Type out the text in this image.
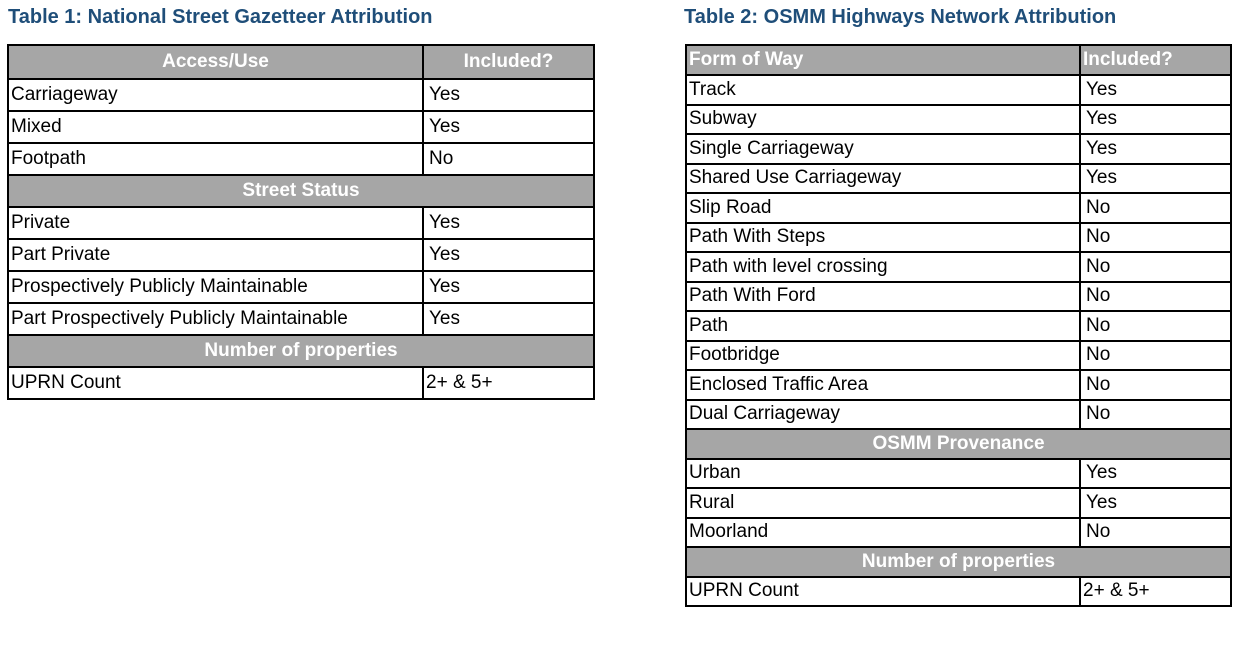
Table 1: National Street Gazetteer Attribution
Access/Use	Included?
Carriageway	Yes
Mixed	Yes
Footpath	No
Street Status	
Private	Yes
Part Private	Yes
Prospectively Publicly Maintainable	Yes
Part Prospectively Publicly Maintainable	Yes
Number of properties	
UPRN Count	2+ & 5+
Table 2: OSMM Highways Network Attribution
Form of Way	Included?
Track	Yes
Subway	Yes
Single Carriageway	Yes
Shared Use Carriageway	Yes
Slip Road	No
Path With Steps	No
Path with level crossing	No
Path With Ford	No
Path	No
Footbridge	No
Enclosed Traffic Area	No
Dual Carriageway	No
OSMM Provenance	
Urban	Yes
Rural	Yes
Moorland	No
Number of properties	
UPRN Count	2+ & 5+
